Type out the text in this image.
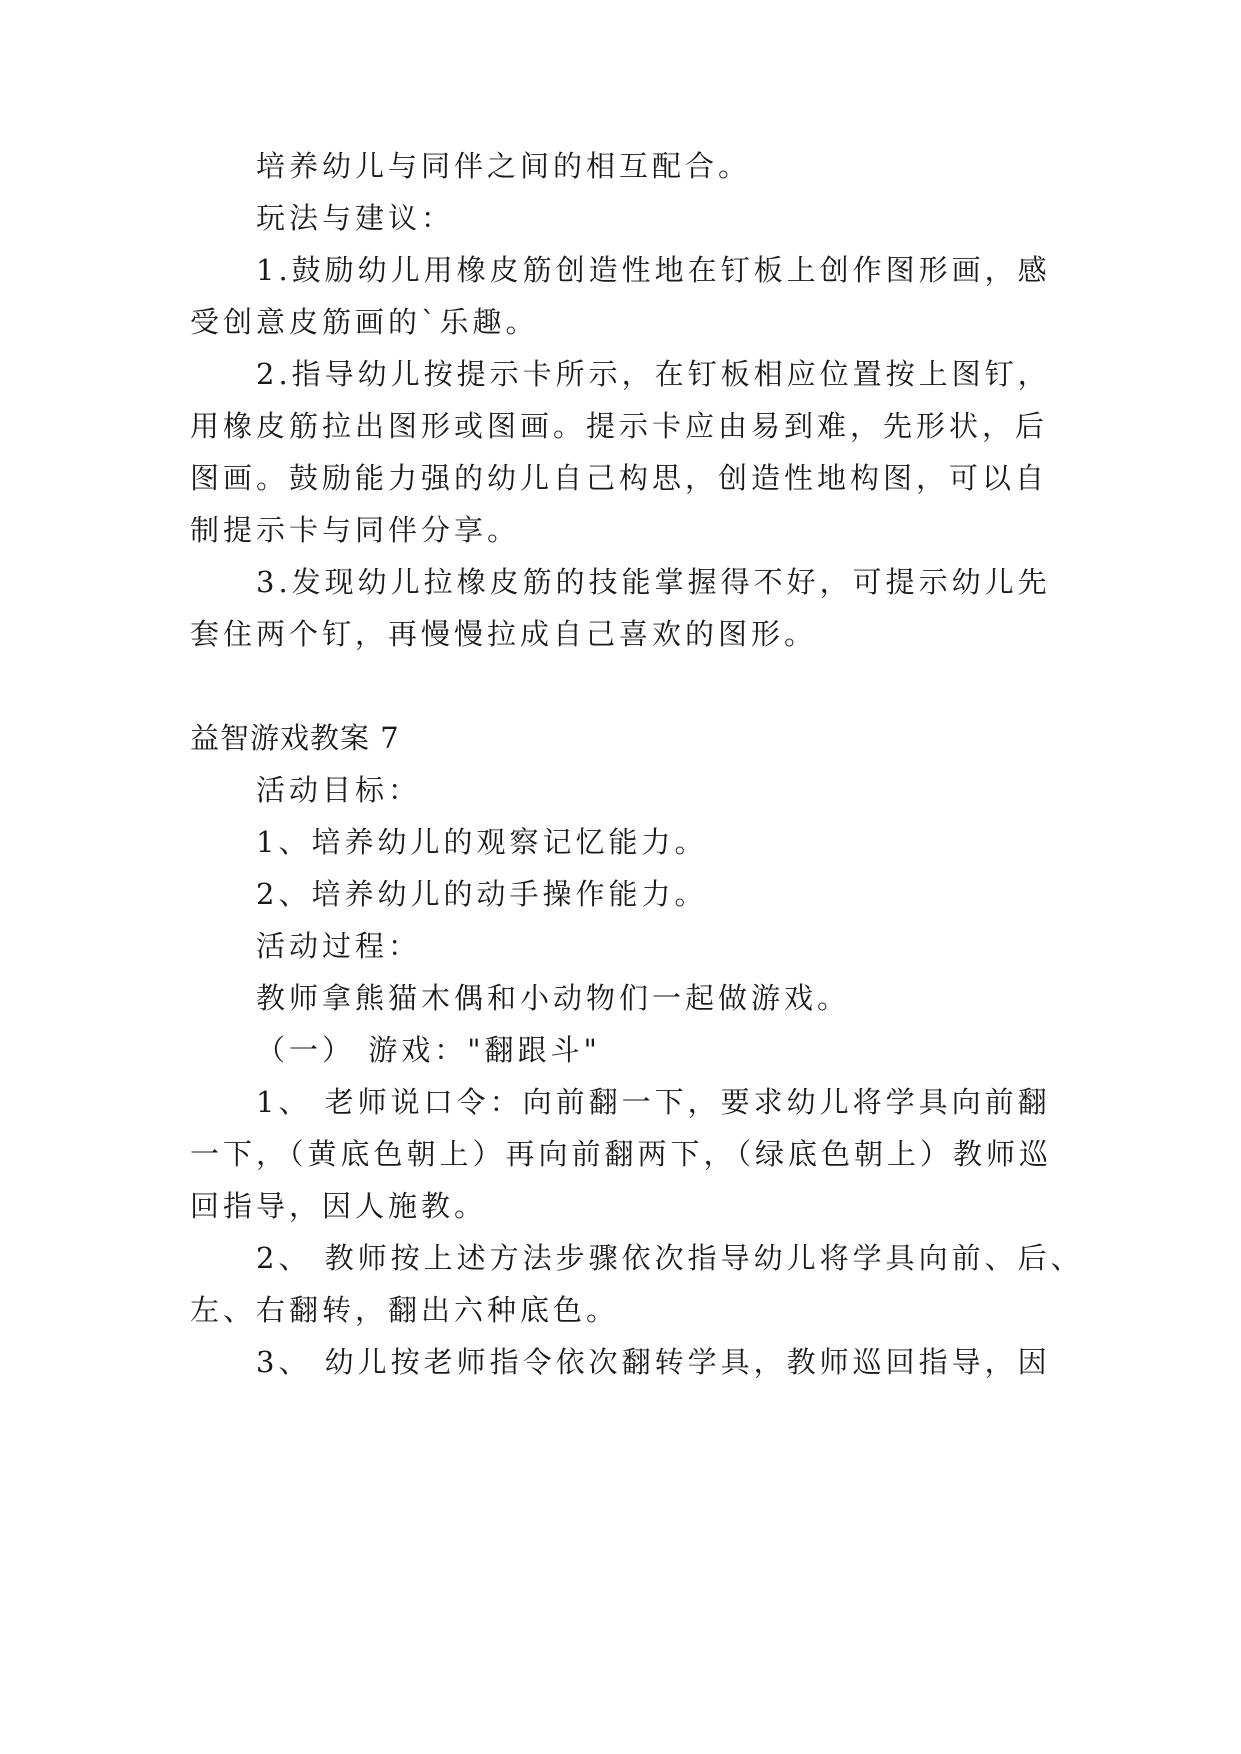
培养幼儿与同伴之间的相互配合。
玩法与建议：
1.鼓励幼儿用橡皮筋创造性地在钉板上创作图形画，感
受创意皮筋画的`乐趣。
2.指导幼儿按提示卡所示，在钉板相应位置按上图钉，
用橡皮筋拉出图形或图画。提示卡应由易到难，先形状，后
图画。鼓励能力强的幼儿自己构思，创造性地构图，可以自
制提示卡与同伴分享。
3.发现幼儿拉橡皮筋的技能掌握得不好，可提示幼儿先
套住两个钉，再慢慢拉成自己喜欢的图形。
益智游戏教案 7
活动目标：
1、培养幼儿的观察记忆能力。
2、培养幼儿的动手操作能力。
活动过程：
教师拿熊猫木偶和小动物们一起做游戏。
（一） 游戏："翻跟斗"
1、 老师说口令：向前翻一下，要求幼儿将学具向前翻
一下，（黄底色朝上）再向前翻两下，（绿底色朝上）教师巡
回指导，因人施教。
2、 教师按上述方法步骤依次指导幼儿将学具向前、后、
左、右翻转，翻出六种底色。
3、 幼儿按老师指令依次翻转学具，教师巡回指导，因
